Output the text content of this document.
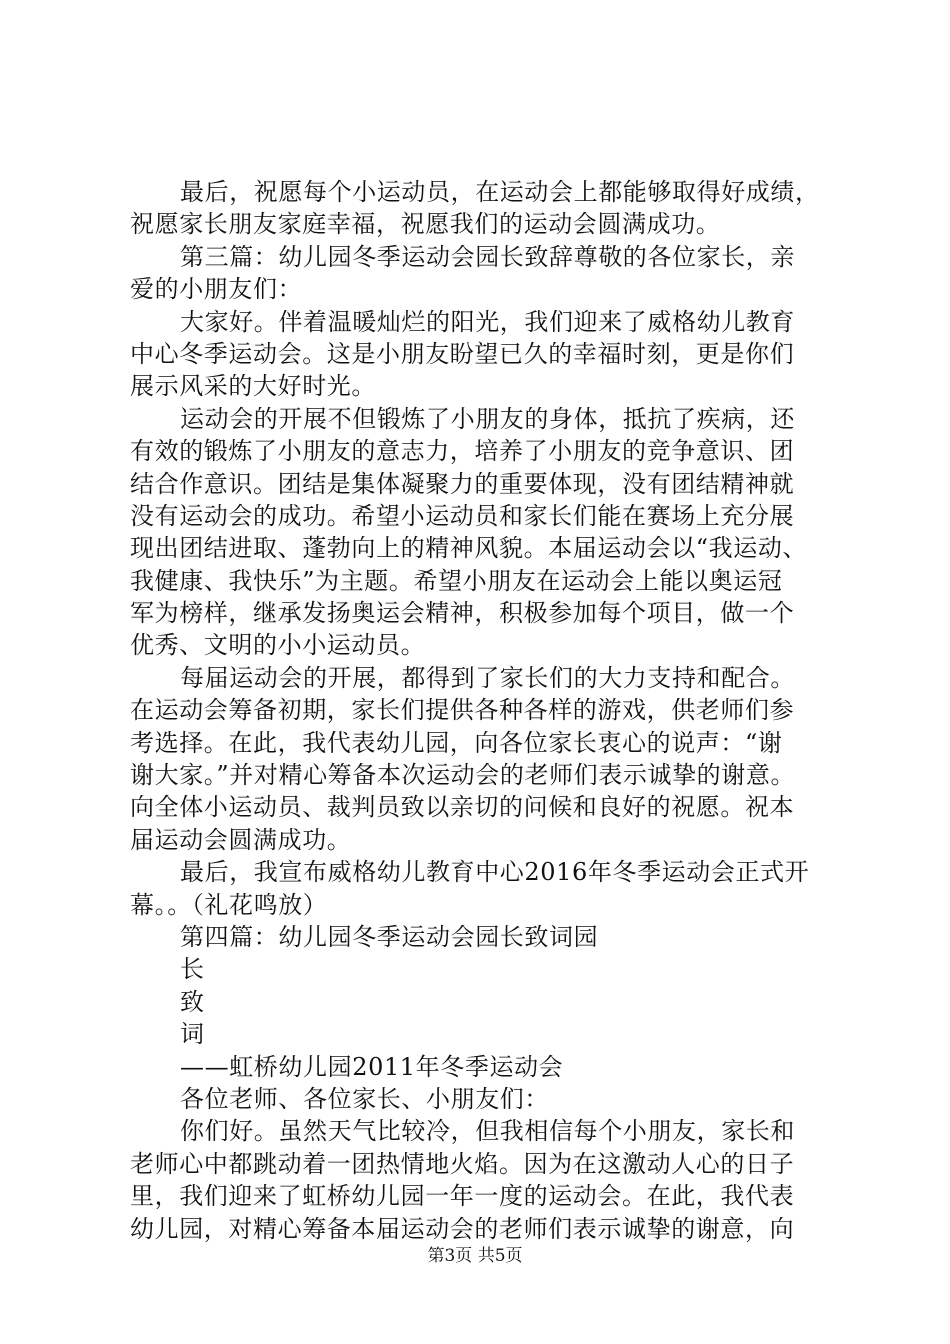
最后，祝愿每个小运动员，在运动会上都能够取得好成绩，
祝愿家长朋友家庭幸福，祝愿我们的运动会圆满成功。
第三篇：幼儿园冬季运动会园长致辞尊敬的各位家长，亲
爱的小朋友们：
大家好。伴着温暖灿烂的阳光，我们迎来了威格幼儿教育
中心冬季运动会。这是小朋友盼望已久的幸福时刻，更是你们
展示风采的大好时光。
运动会的开展不但锻炼了小朋友的身体，抵抗了疾病，还
有效的锻炼了小朋友的意志力，培养了小朋友的竞争意识、团
结合作意识。团结是集体凝聚力的重要体现，没有团结精神就
没有运动会的成功。希望小运动员和家长们能在赛场上充分展
现出团结进取、蓬勃向上的精神风貌。本届运动会以“我运动、
我健康、我快乐”为主题。希望小朋友在运动会上能以奥运冠
军为榜样，继承发扬奥运会精神，积极参加每个项目，做一个
优秀、文明的小小运动员。
每届运动会的开展，都得到了家长们的大力支持和配合。
在运动会筹备初期，家长们提供各种各样的游戏，供老师们参
考选择。在此，我代表幼儿园，向各位家长衷心的说声：“谢
谢大家。”并对精心筹备本次运动会的老师们表示诚挚的谢意。
向全体小运动员、裁判员致以亲切的问候和良好的祝愿。祝本
届运动会圆满成功。
最后，我宣布威格幼儿教育中心2016年冬季运动会正式开
幕。。（礼花鸣放）
第四篇：幼儿园冬季运动会园长致词园
长
致
词
——虹桥幼儿园2011年冬季运动会
各位老师、各位家长、小朋友们：
你们好。虽然天气比较冷，但我相信每个小朋友，家长和
老师心中都跳动着一团热情地火焰。因为在这激动人心的日子
里，我们迎来了虹桥幼儿园一年一度的运动会。在此，我代表
幼儿园，对精心筹备本届运动会的老师们表示诚挚的谢意，向
第3页 共5页
